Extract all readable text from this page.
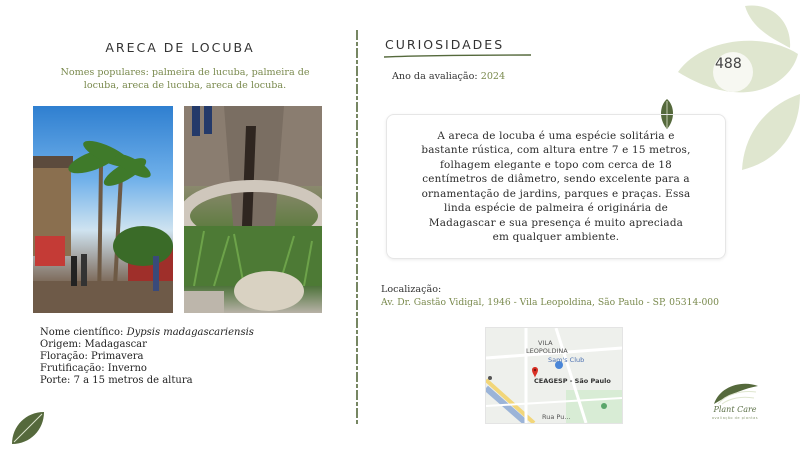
488
ARECA DE LOCUBA
Nomes populares: palmeira de lucuba, palmeira de
locuba, areca de lucuba, areca de locuba.
Nome científico: Dypsis madagascariensis
Origem: Madagascar
Floração: Primavera
Frutificação: Inverno
Porte: 7 a 15 metros de altura
CURIOSIDADES
Ano da avaliação: 2024
A areca de locuba é uma espécie solitária e
bastante rústica, com altura entre 7 e 15 metros,
folhagem elegante e topo com cerca de 18
centímetros de diâmetro, sendo excelente para a
ornamentação de jardins, parques e praças. Essa
linda espécie de palmeira é originária de
Madagascar e sua presença é muito apreciada
em qualquer ambiente.
Localização:
Av. Dr. Gastão Vidigal, 1946 - Vila Leopoldina, São Paulo - SP, 05314-000
VILA
LEOPOLDINA
Sam's Club
CEAGESP - São Paulo
Rua Pu...
Plant Care
avaliação de plantas
